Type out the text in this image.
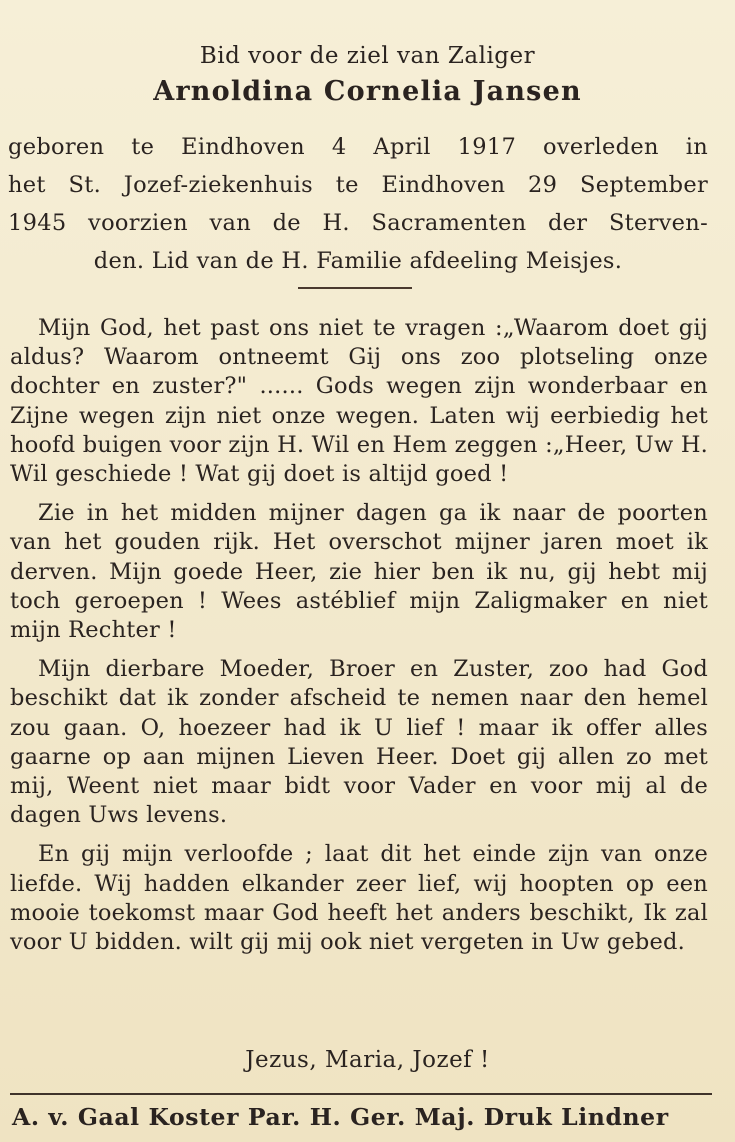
Bid voor de ziel van Zaliger
Arnoldina Cornelia Jansen
geboren te Eindhoven 4 April 1917 overleden in
het St. Jozef-ziekenhuis te Eindhoven 29 September
1945 voorzien van de H. Sacramenten der Sterven-
den. Lid van de H. Familie afdeeling Meisjes.

Mijn God, het past ons niet te vragen :„Waarom doet gij aldus? Waarom ontneemt Gij ons zoo plotseling onze dochter en zuster?" ...... Gods wegen zijn wonderbaar en Zijne wegen zijn niet onze wegen. Laten wij eerbiedig het hoofd buigen voor zijn H. Wil en Hem zeggen :„Heer, Uw H. Wil geschiede ! Wat gij doet is altijd goed !

Zie in het midden mijner dagen ga ik naar de poorten van het gouden rijk. Het overschot mijner jaren moet ik derven. Mijn goede Heer, zie hier ben ik nu, gij hebt mij toch geroepen ! Wees astéblief mijn Zaligmaker en niet mijn Rechter !

Mijn dierbare Moeder, Broer en Zuster, zoo had God beschikt dat ik zonder afscheid te nemen naar den hemel zou gaan. O, hoezeer had ik U lief ! maar ik offer alles gaarne op aan mijnen Lieven Heer. Doet gij allen zo met mij, Weent niet maar bidt voor Vader en voor mij al de dagen Uws levens.

En gij mijn verloofde ; laat dit het einde zijn van onze liefde. Wij hadden elkander zeer lief, wij hoopten op een mooie toekomst maar God heeft het anders beschikt, Ik zal voor U bidden. wilt gij mij ook niet vergeten in Uw gebed.

Jezus, Maria, Jozef !
A. v. Gaal Koster Par. H. Ger. Maj. Druk Lindner
